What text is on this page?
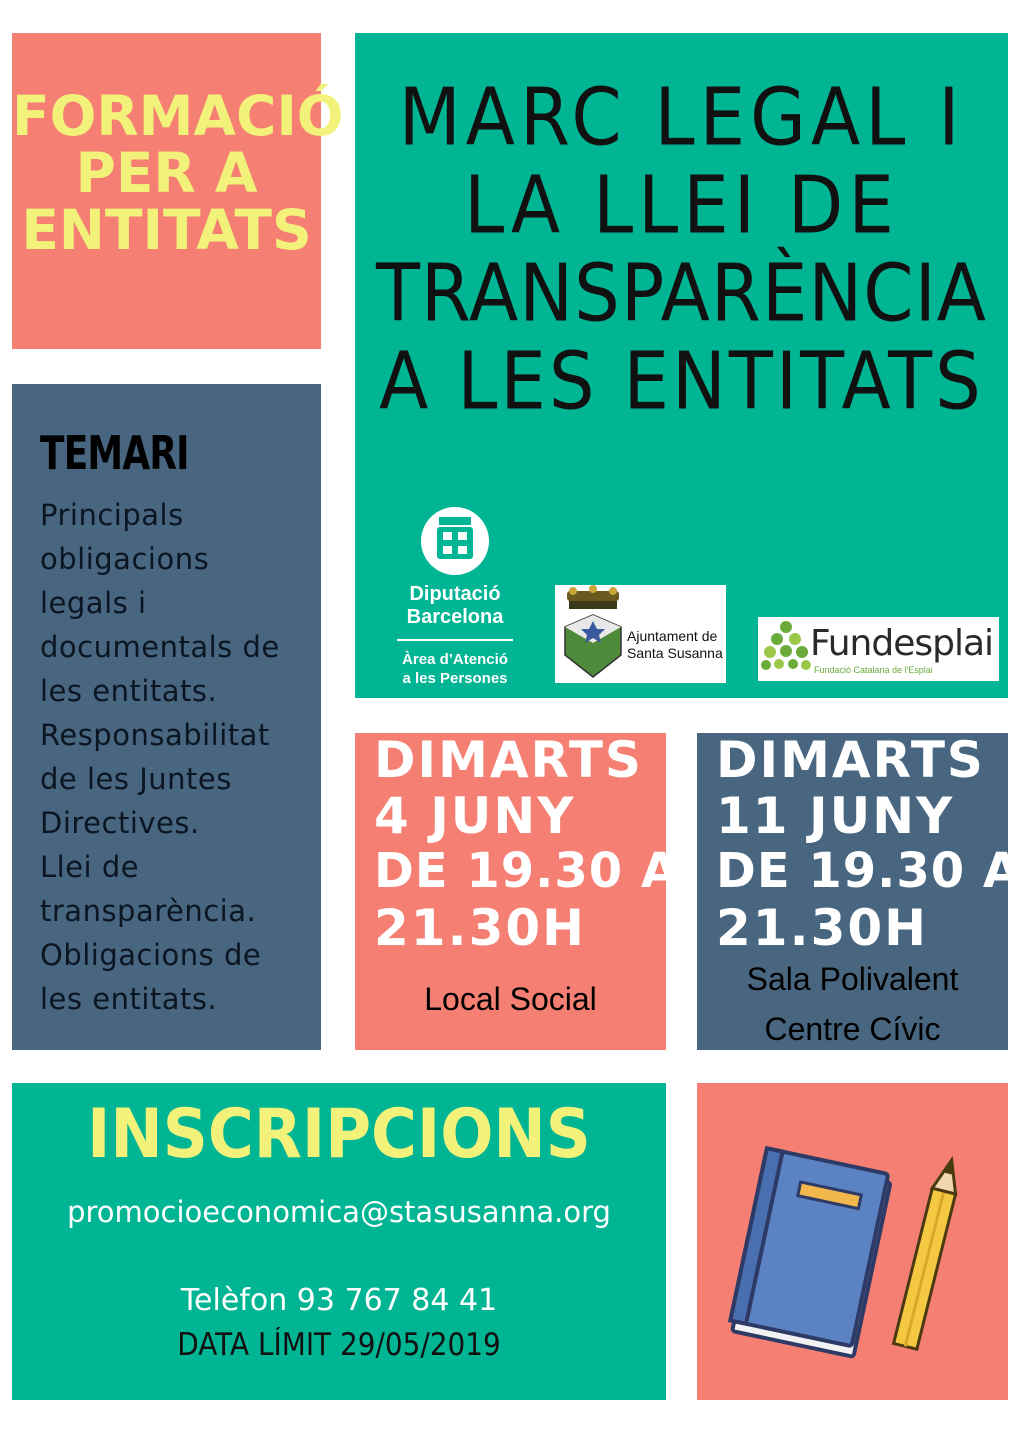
FORMACIÓ
PER A
ENTITATS
MARC LEGAL I
LA LLEI DE
TRANSPARÈNCIA
A LES ENTITATS
Diputació
Barcelona
Àrea d’Atenció
a les Persones
Ajuntament de
Santa Susanna Fundesplai
Fundació Catalana de l'Esplai
TEMARI
Principals
obligacions
legals i
documentals de
les entitats.
Responsabilitat
de les Juntes
Directives.
Llei de
transparència.
Obligacions de
les entitats.
DIMARTS
4 JUNY
DE 19.30 A
21.30H
Local Social
DIMARTS
11 JUNY
DE 19.30 A
21.30H
Sala Polivalent
Centre Cívic
INSCRIPCIONS
promocioeconomica@stasusanna.org
Telèfon 93 767 84 41
DATA LÍMIT 29/05/2019
